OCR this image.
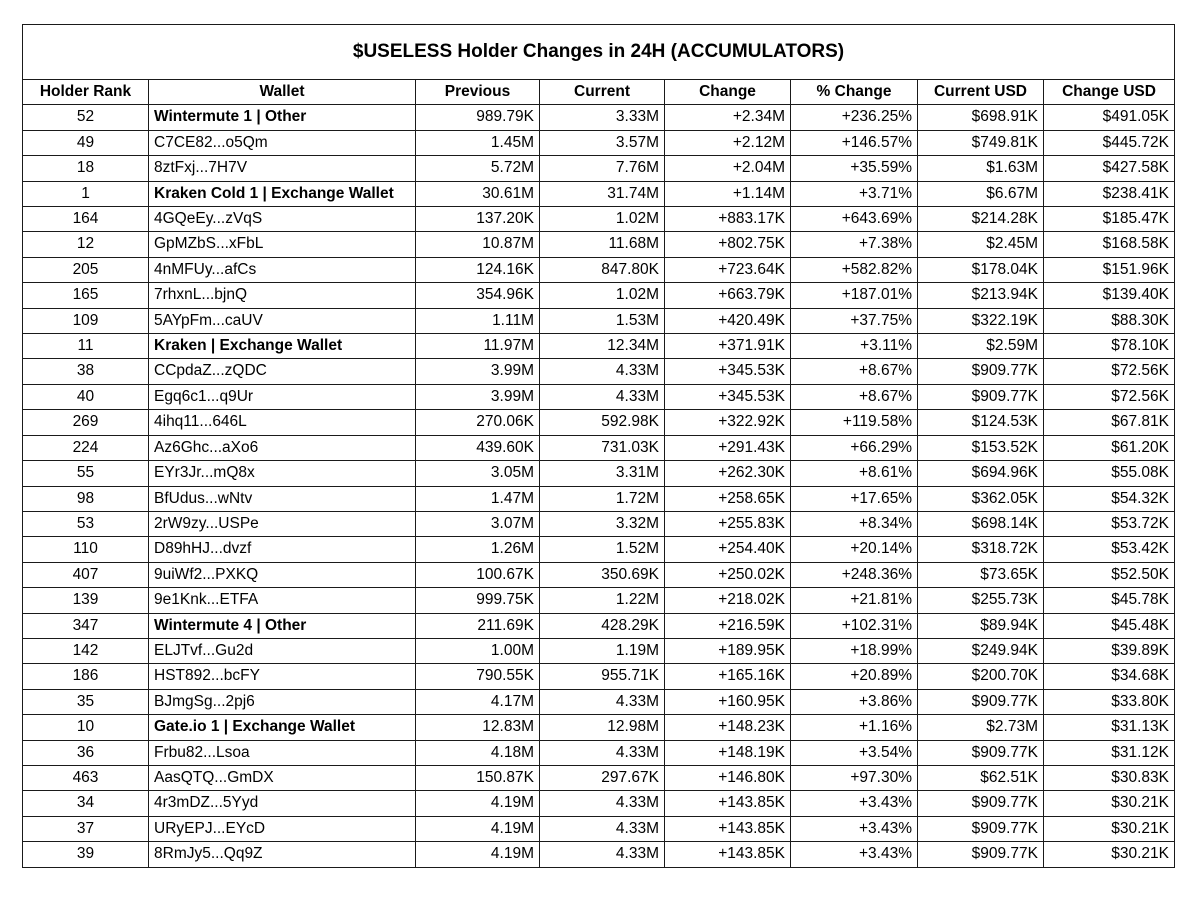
$USELESS Holder Changes in 24H (ACCUMULATORS)							
Holder Rank	Wallet	Previous	Current	Change	% Change	Current USD	Change USD
52	Wintermute 1 | Other	989.79K	3.33M	+2.34M	+236.25%	$698.91K	$491.05K
49	C7CE82...o5Qm	1.45M	3.57M	+2.12M	+146.57%	$749.81K	$445.72K
18	8ztFxj...7H7V	5.72M	7.76M	+2.04M	+35.59%	$1.63M	$427.58K
1	Kraken Cold 1 | Exchange Wallet	30.61M	31.74M	+1.14M	+3.71%	$6.67M	$238.41K
164	4GQeEy...zVqS	137.20K	1.02M	+883.17K	+643.69%	$214.28K	$185.47K
12	GpMZbS...xFbL	10.87M	11.68M	+802.75K	+7.38%	$2.45M	$168.58K
205	4nMFUy...afCs	124.16K	847.80K	+723.64K	+582.82%	$178.04K	$151.96K
165	7rhxnL...bjnQ	354.96K	1.02M	+663.79K	+187.01%	$213.94K	$139.40K
109	5AYpFm...caUV	1.11M	1.53M	+420.49K	+37.75%	$322.19K	$88.30K
11	Kraken | Exchange Wallet	11.97M	12.34M	+371.91K	+3.11%	$2.59M	$78.10K
38	CCpdaZ...zQDC	3.99M	4.33M	+345.53K	+8.67%	$909.77K	$72.56K
40	Egq6c1...q9Ur	3.99M	4.33M	+345.53K	+8.67%	$909.77K	$72.56K
269	4ihq11...646L	270.06K	592.98K	+322.92K	+119.58%	$124.53K	$67.81K
224	Az6Ghc...aXo6	439.60K	731.03K	+291.43K	+66.29%	$153.52K	$61.20K
55	EYr3Jr...mQ8x	3.05M	3.31M	+262.30K	+8.61%	$694.96K	$55.08K
98	BfUdus...wNtv	1.47M	1.72M	+258.65K	+17.65%	$362.05K	$54.32K
53	2rW9zy...USPe	3.07M	3.32M	+255.83K	+8.34%	$698.14K	$53.72K
110	D89hHJ...dvzf	1.26M	1.52M	+254.40K	+20.14%	$318.72K	$53.42K
407	9uiWf2...PXKQ	100.67K	350.69K	+250.02K	+248.36%	$73.65K	$52.50K
139	9e1Knk...ETFA	999.75K	1.22M	+218.02K	+21.81%	$255.73K	$45.78K
347	Wintermute 4 | Other	211.69K	428.29K	+216.59K	+102.31%	$89.94K	$45.48K
142	ELJTvf...Gu2d	1.00M	1.19M	+189.95K	+18.99%	$249.94K	$39.89K
186	HST892...bcFY	790.55K	955.71K	+165.16K	+20.89%	$200.70K	$34.68K
35	BJmgSg...2pj6	4.17M	4.33M	+160.95K	+3.86%	$909.77K	$33.80K
10	Gate.io 1 | Exchange Wallet	12.83M	12.98M	+148.23K	+1.16%	$2.73M	$31.13K
36	Frbu82...Lsoa	4.18M	4.33M	+148.19K	+3.54%	$909.77K	$31.12K
463	AasQTQ...GmDX	150.87K	297.67K	+146.80K	+97.30%	$62.51K	$30.83K
34	4r3mDZ...5Yyd	4.19M	4.33M	+143.85K	+3.43%	$909.77K	$30.21K
37	URyEPJ...EYcD	4.19M	4.33M	+143.85K	+3.43%	$909.77K	$30.21K
39	8RmJy5...Qq9Z	4.19M	4.33M	+143.85K	+3.43%	$909.77K	$30.21K
